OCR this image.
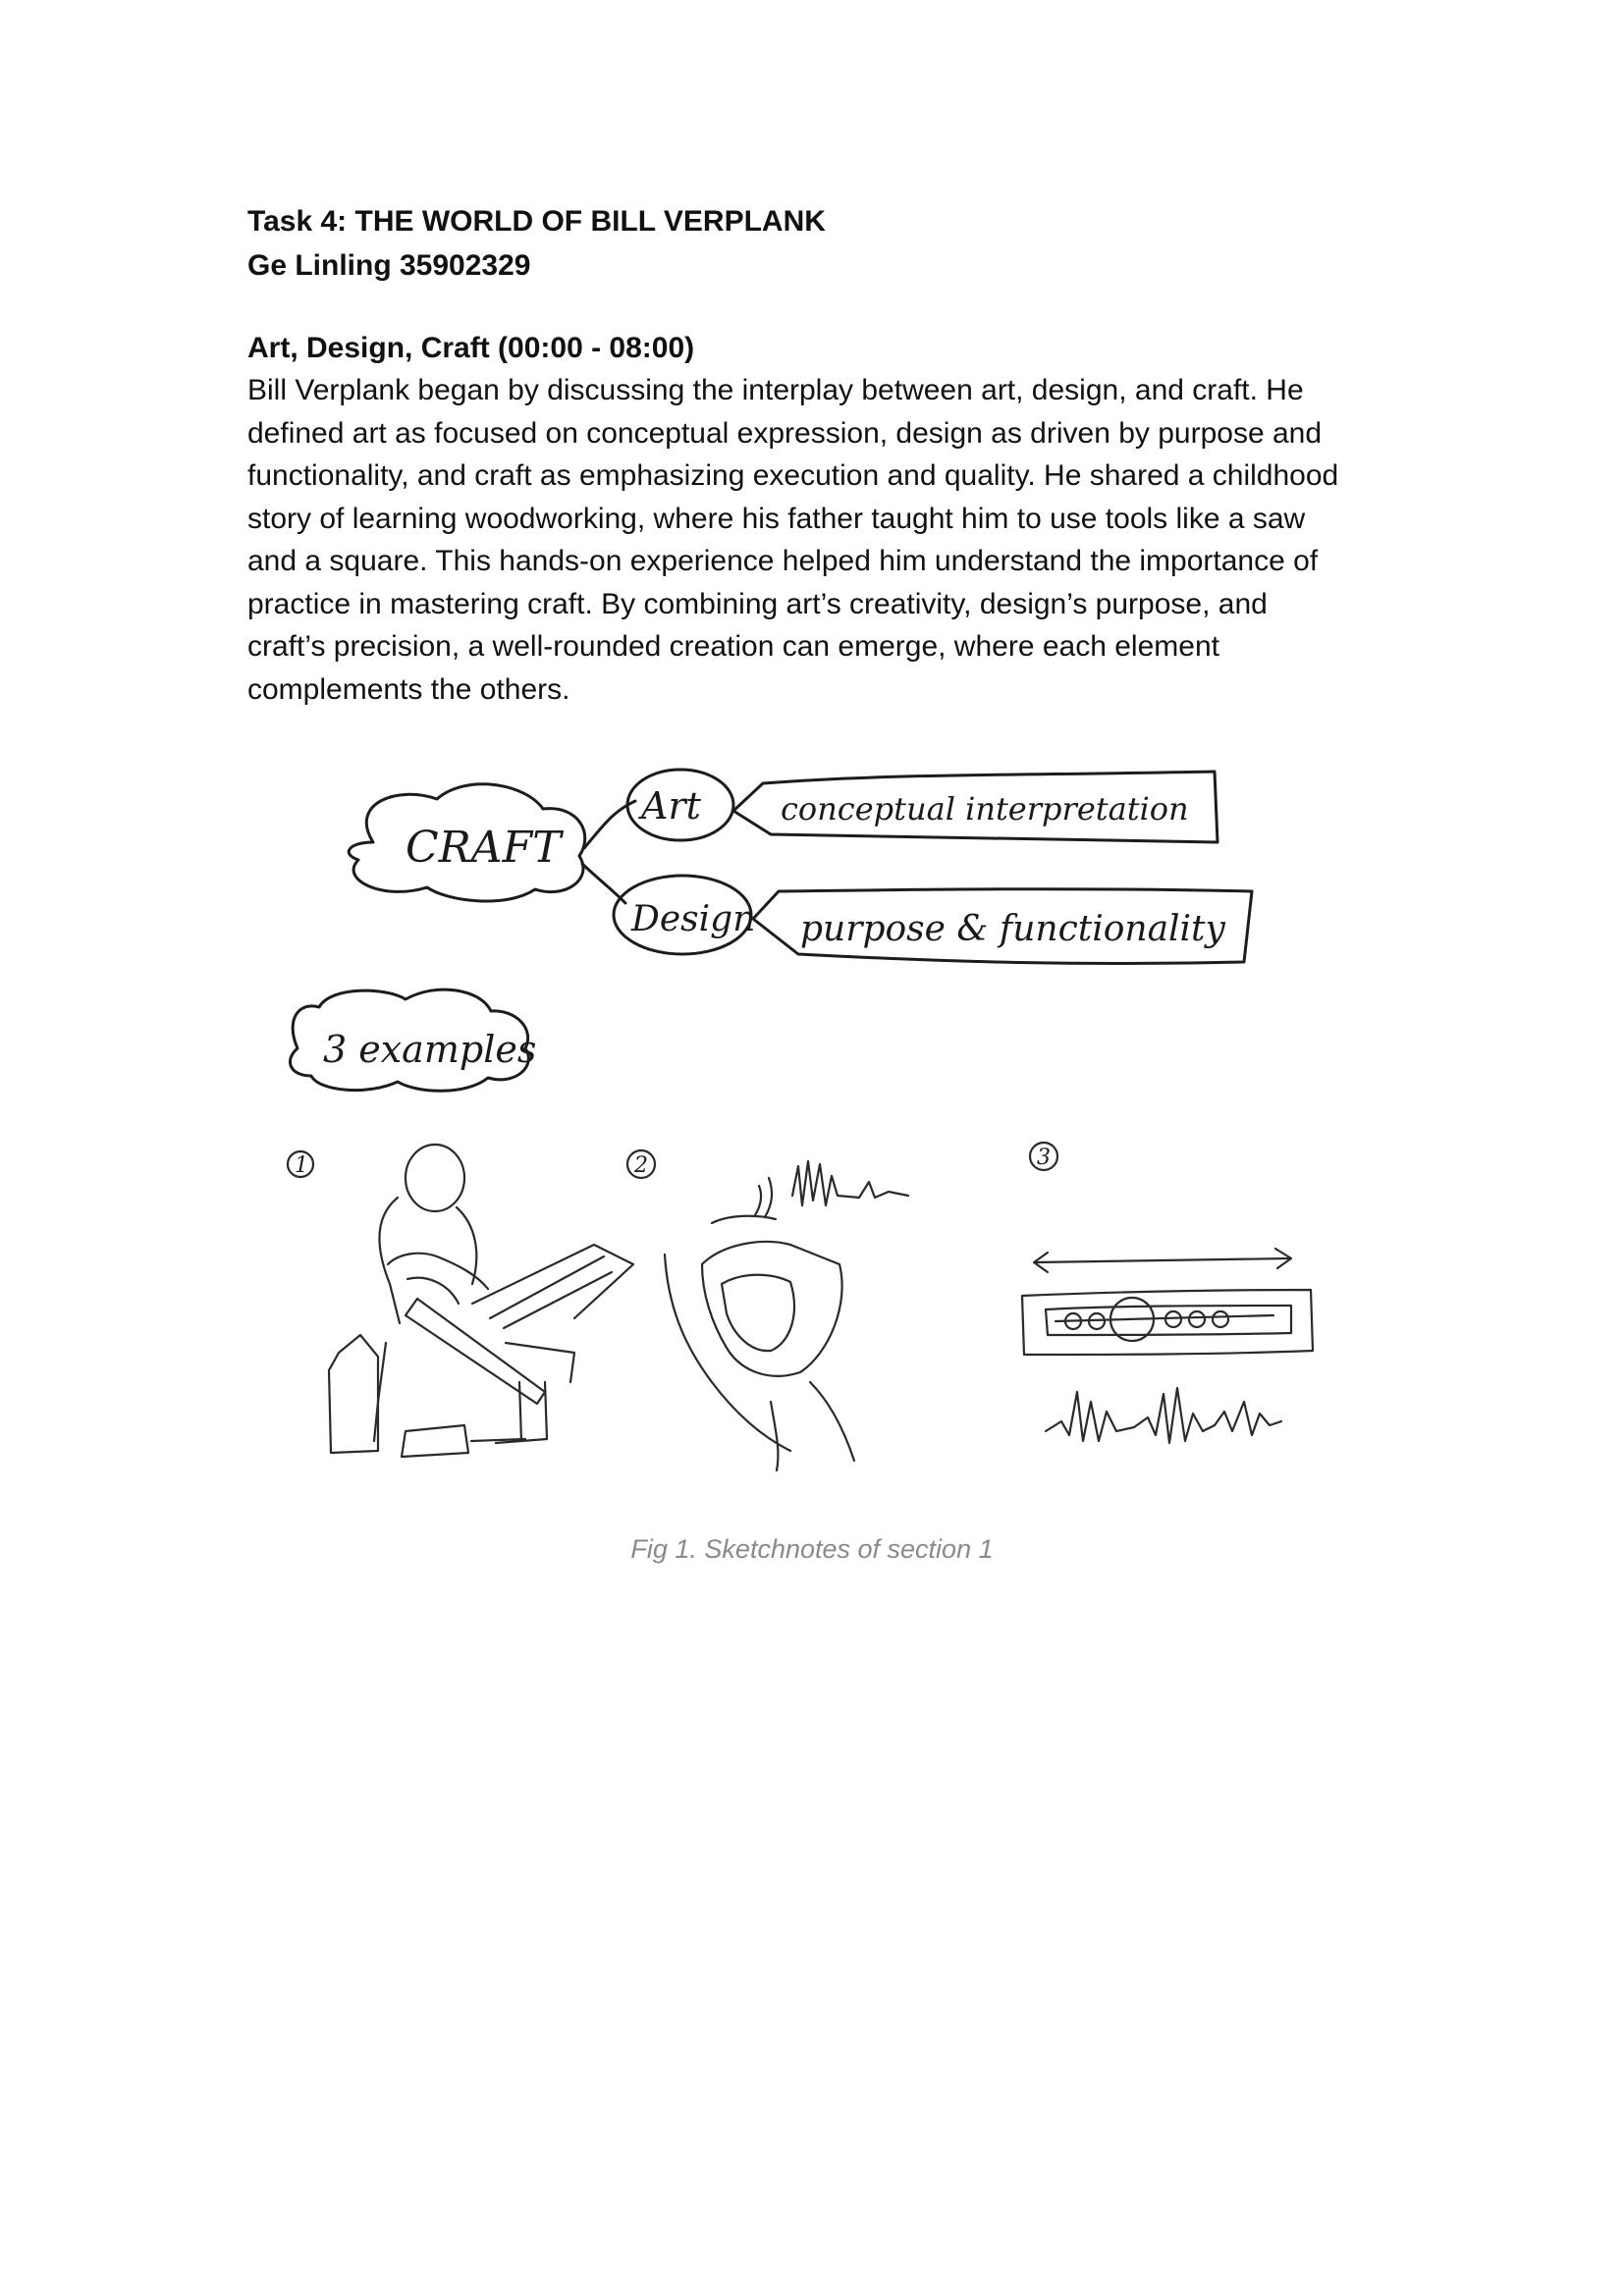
Task 4: THE WORLD OF BILL VERPLANK

Ge Linling 35902329

Art, Design, Craft (00:00 - 08:00)

Bill Verplank began by discussing the interplay between art, design, and craft. He

defined art as focused on conceptual expression, design as driven by purpose and

functionality, and craft as emphasizing execution and quality. He shared a childhood

story of learning woodworking, where his father taught him to use tools like a saw

and a square. This hands-on experience helped him understand the importance of

practice in mastering craft. By combining art’s creativity, design’s purpose, and

craft’s precision, a well-rounded creation can emerge, where each element

complements the others.

CRAFT
Art	conceptual interpretation
Design purpose & functionality
3 examples
1	2	3
Fig 1. Sketchnotes of section 1
